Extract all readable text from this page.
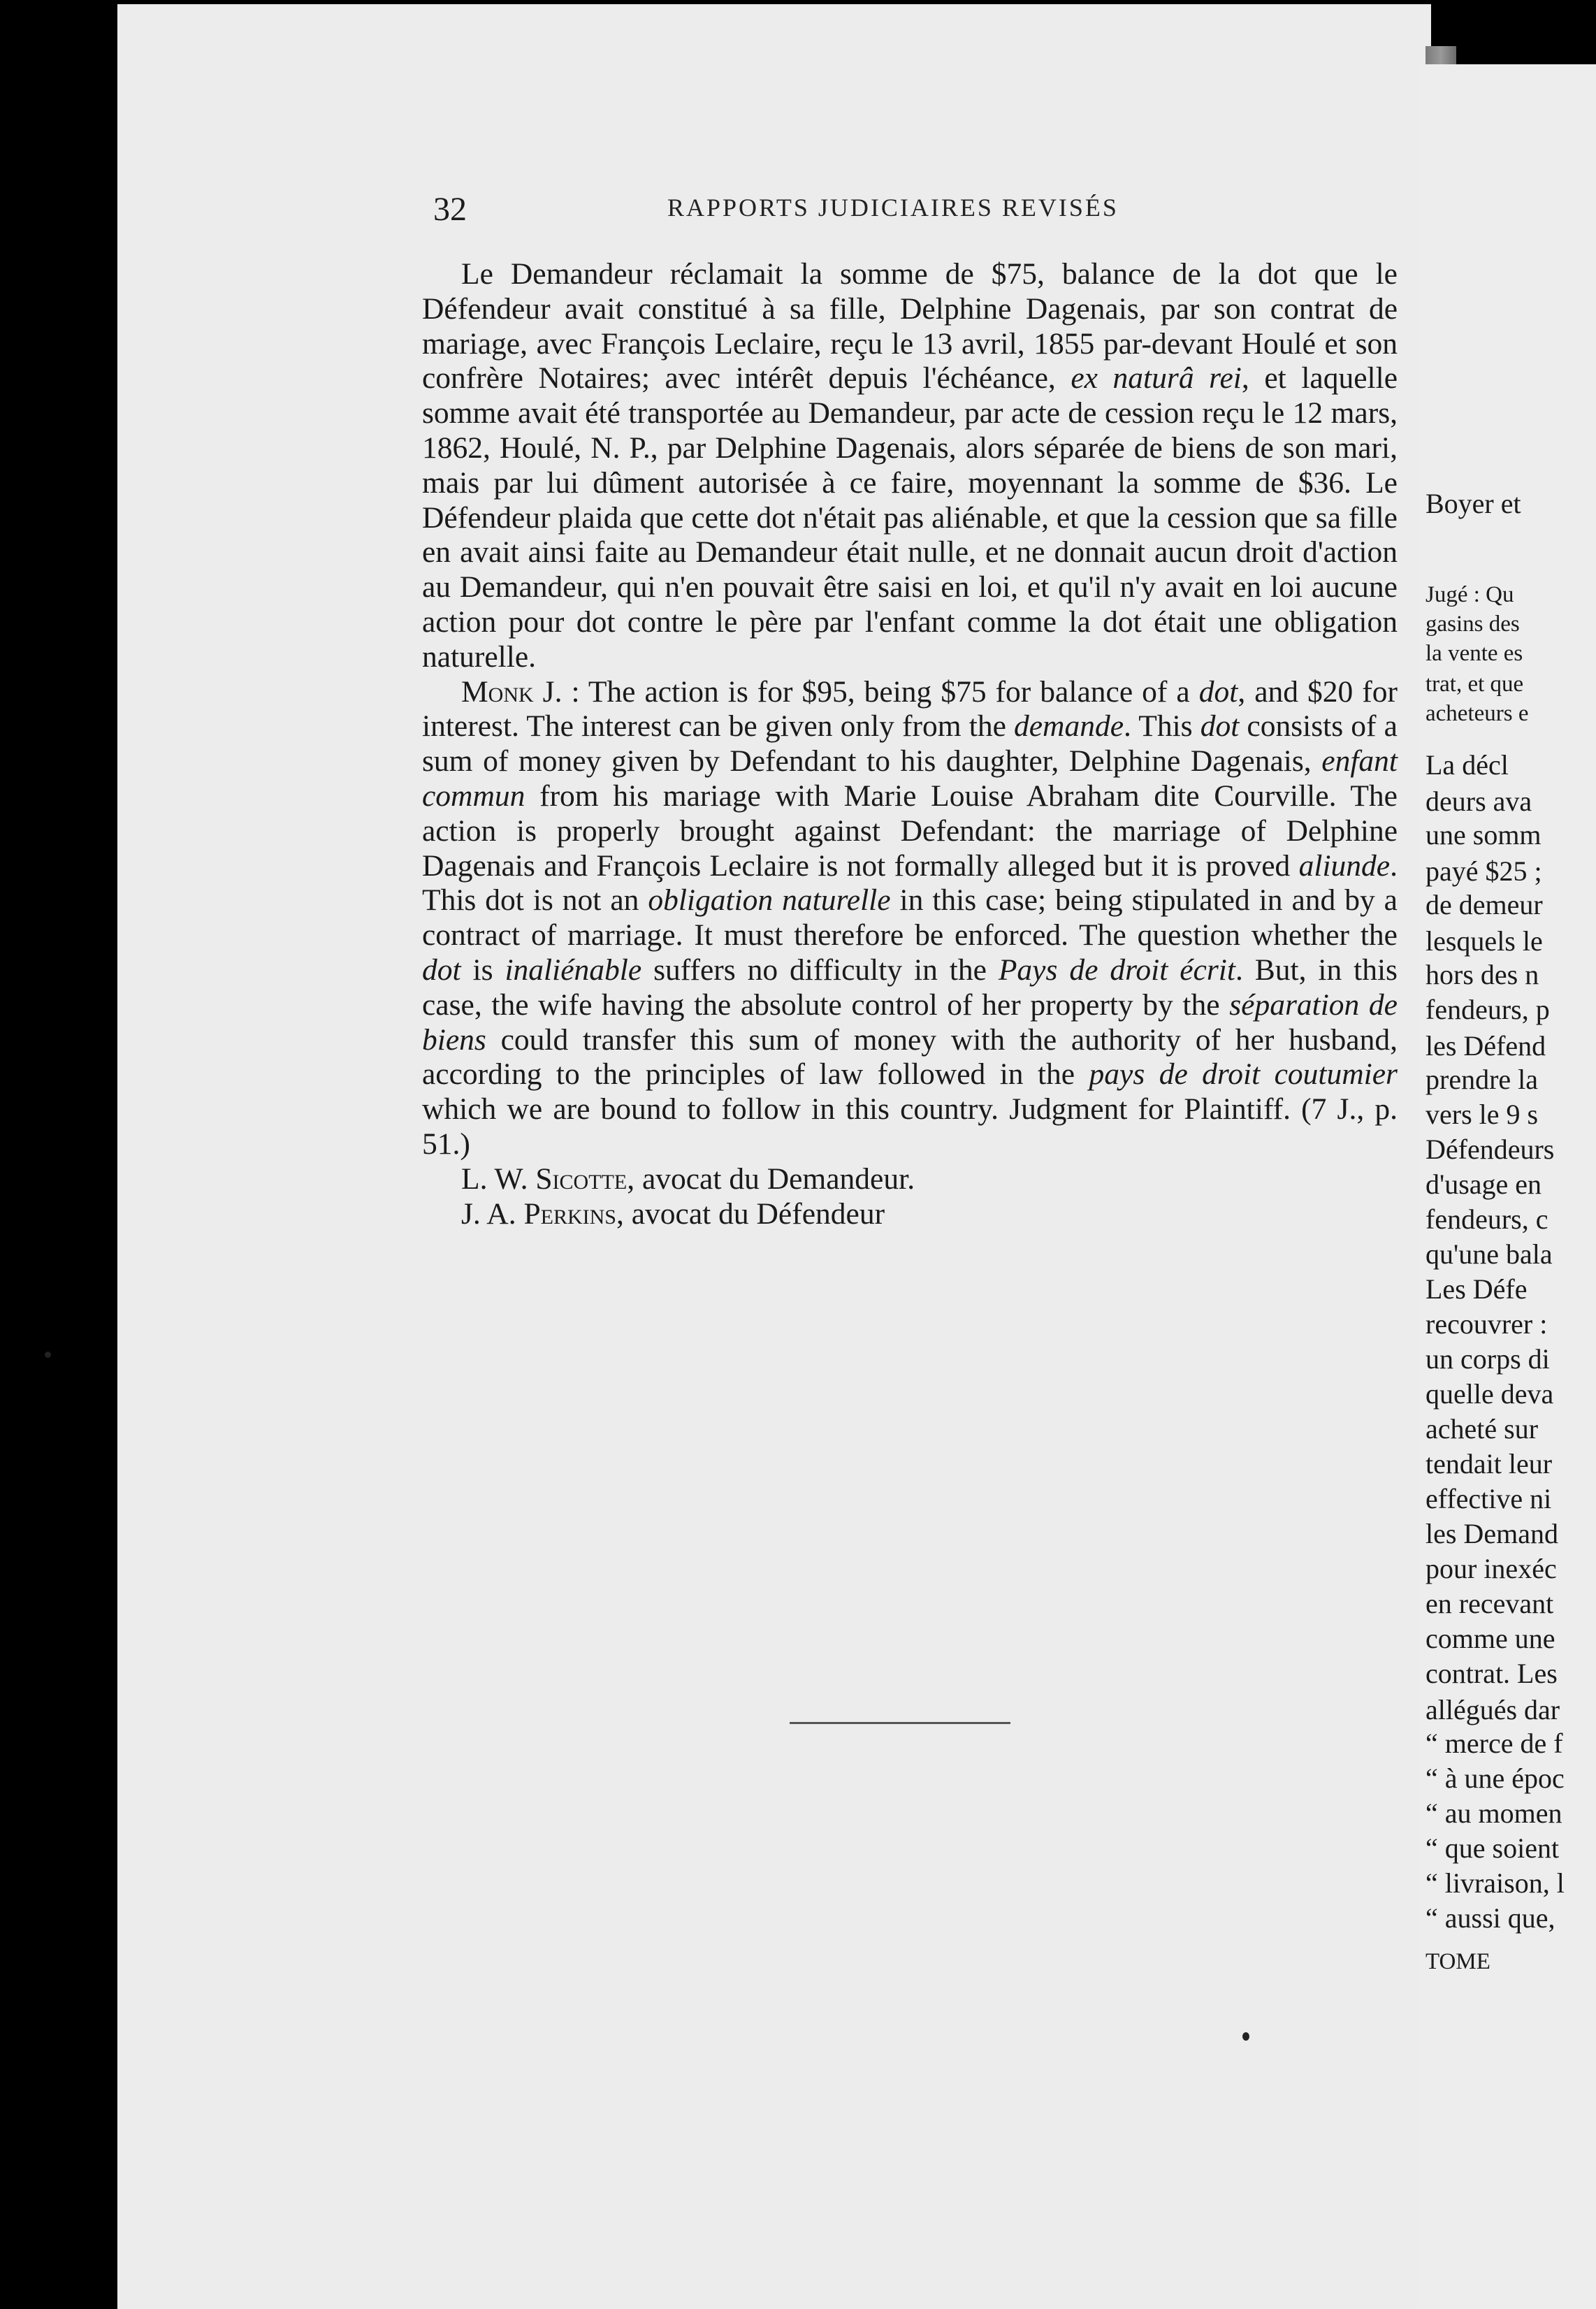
Boyer et
Jugé : Qu
gasins des
la vente es
trat, et que
acheteurs e
La décl
deurs ava
une somm
payé $25 ;
de demeur
lesquels le
hors des n
fendeurs, p
les Défend
prendre la
vers le 9 s
Défendeurs
d'usage en
fendeurs, c
qu'une bala
Les Défe
recouvrer :
un corps di
quelle deva
acheté sur
tendait leur
effective ni
les Demand
pour inexéc
en recevant
comme une
contrat. Les
allégués dar
“ merce de f
“ à une époc
“ au momen
“ que soient
“ livraison, l
“ aussi que,
TOME
32	RAPPORTS JUDICIAIRES REVISÉS

Le Demandeur réclamait la somme de $75, balance de la dot que le Défendeur avait constitué à sa fille, Delphine Dagenais, par son contrat de mariage, avec François Leclaire, reçu le 13 avril, 1855 par-devant Houlé et son confrère Notaires; avec intérêt depuis l'échéance, ex naturâ rei, et laquelle somme avait été transportée au Demandeur, par acte de cession reçu le 12 mars, 1862, Houlé, N. P., par Delphine Dagenais, alors séparée de biens de son mari, mais par lui dûment autorisée à ce faire, moyennant la somme de $36. Le Défendeur plaida que cette dot n'était pas aliénable, et que la cession que sa fille en avait ainsi faite au Demandeur était nulle, et ne donnait aucun droit d'action au Demandeur, qui n'en pouvait être saisi en loi, et qu'il n'y avait en loi aucune action pour dot contre le père par l'enfant comme la dot était une obligation naturelle.

Monk J. : The action is for $95, being $75 for balance of a dot, and $20 for interest. The interest can be given only from the demande. This dot consists of a sum of money given by Defendant to his daughter, Delphine Dagenais, enfant commun from his mariage with Marie Louise Abraham dite Courville. The action is properly brought against Defendant: the marriage of Delphine Dagenais and François Leclaire is not formally alleged but it is proved aliunde. This dot is not an obligation naturelle in this case; being stipulated in and by a contract of marriage. It must therefore be enforced. The question whether the dot is inaliénable suffers no difficulty in the Pays de droit écrit. But, in this case, the wife having the absolute control of her property by the séparation de biens could transfer this sum of money with the authority of her husband, according to the principles of law followed in the pays de droit coutumier which we are bound to follow in this country. Judgment for Plaintiff. (7 J., p. 51.)

L. W. Sicotte, avocat du Demandeur.

J. A. Perkins, avocat du Défendeur
